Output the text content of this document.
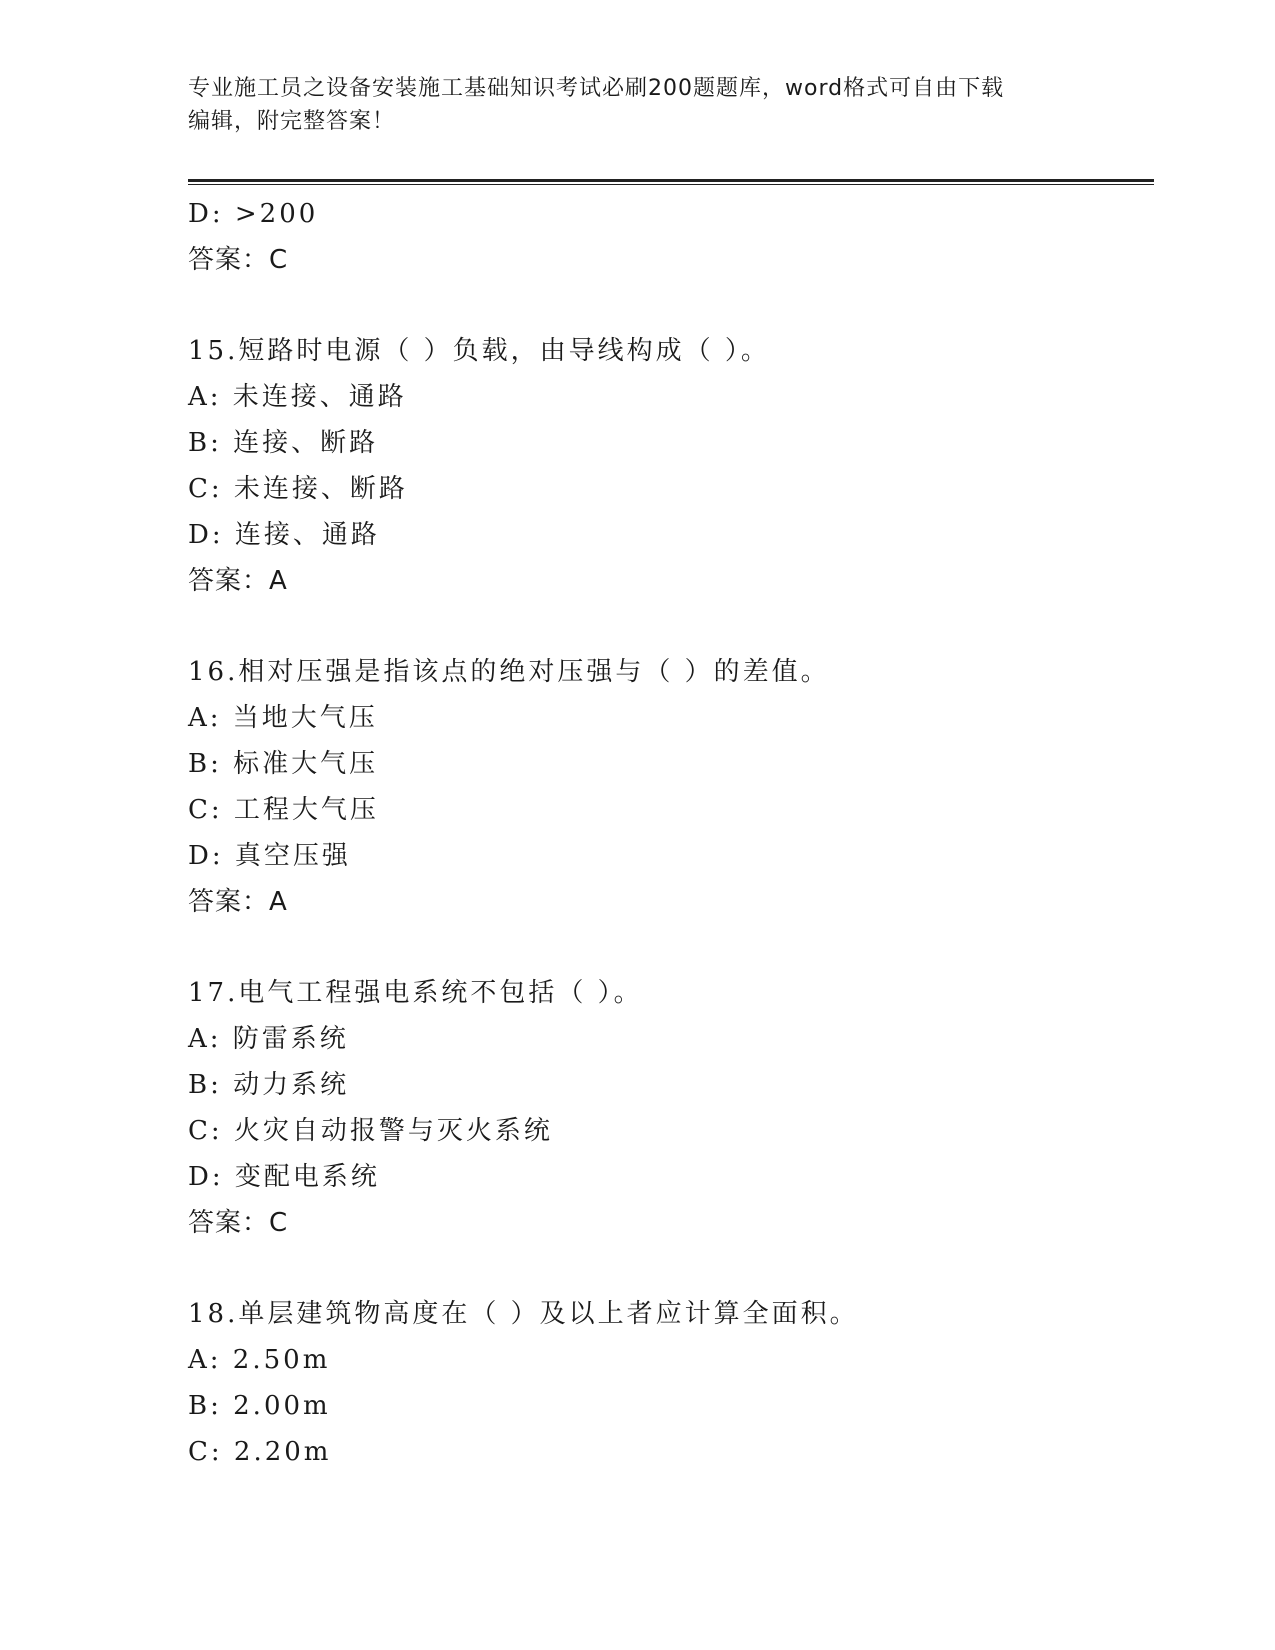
专业施工员之设备安装施工基础知识考试必刷200题题库，word格式可自由下载
编辑，附完整答案！
D: >200
答案：C
15.短路时电源（ ）负载，由导线构成（ ）。
A: 未连接、通路
B: 连接、断路
C: 未连接、断路
D: 连接、通路
答案：A
16.相对压强是指该点的绝对压强与（ ）的差值。
A: 当地大气压
B: 标准大气压
C: 工程大气压
D: 真空压强
答案：A
17.电气工程强电系统不包括（ ）。
A: 防雷系统
B: 动力系统
C: 火灾自动报警与灭火系统
D: 变配电系统
答案：C
18.单层建筑物高度在（ ）及以上者应计算全面积。
A: 2.50m
B: 2.00m
C: 2.20m
